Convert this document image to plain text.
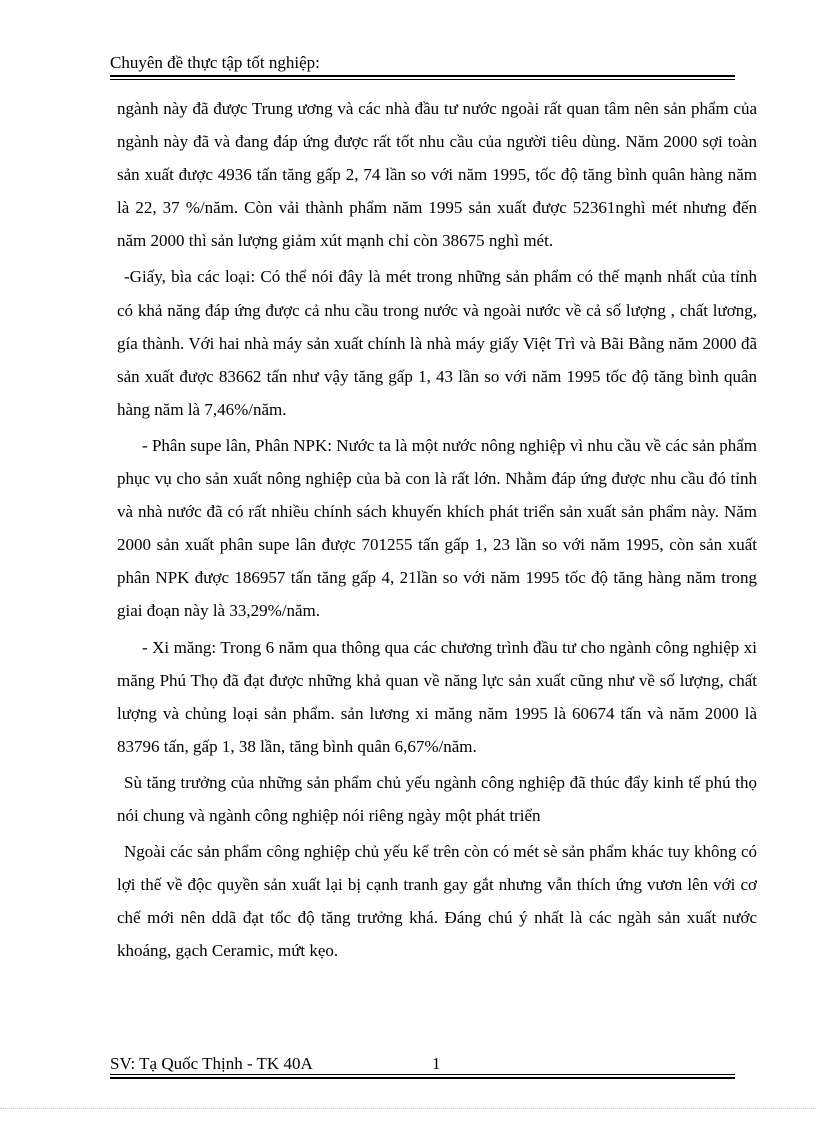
Chuyên đề thực tập tốt nghiệp:

ngành này đã được Trung ương và các nhà đầu tư nước ngoài rất quan tâm nên sản phẩm của ngành này đã và đang đáp ứng được rất tốt nhu cầu của người tiêu dùng. Năm 2000 sợi toàn sản xuất được 4936 tấn tăng gấp 2, 74 lần so với năm 1995, tốc độ tăng bình quân hàng năm là 22, 37 %/năm. Còn vải thành phẩm năm 1995 sản xuất được 52361nghì mét nhưng đến năm 2000 thì sản lượng giảm xút mạnh chỉ còn 38675 nghì mét.

-Giấy, bìa các loại: Có thể nói đây là mét trong những sản phẩm có thế mạnh nhất của tỉnh có khả năng đáp ứng được cả nhu cầu trong nước và ngoài nước về cả số lượng , chất lương, gía thành. Với hai nhà máy sản xuất chính là nhà máy giấy Việt Trì và Bãi Bằng năm 2000 đã sản xuất được 83662 tấn như vậy tăng gấp 1, 43 lần so với năm 1995 tốc độ tăng bình quân hàng năm là 7,46%/năm.

- Phân supe lân, Phân NPK: Nước ta là một nước nông nghiệp vì nhu cầu về các sản phẩm phục vụ cho sản xuất nông nghiệp của bà con là rất lớn. Nhằm đáp ứng được nhu cầu đó tỉnh và nhà nước đã có rất nhiều chính sách khuyến khích phát triển sản xuất sản phẩm này. Năm 2000 sản xuất phân supe lân được 701255 tấn gấp 1, 23 lần so với năm 1995, còn sản xuất phân NPK được 186957 tấn tăng gấp 4, 21lần so với năm 1995 tốc độ tăng hàng năm trong giai đoạn này là 33,29%/năm.

- Xi măng: Trong 6 năm qua thông qua các chương trình đầu tư cho ngành công nghiệp xi măng Phú Thọ đã đạt được những khả quan về năng lực sản xuất cũng như về số lượng, chất lượng và chủng loại sản phẩm. sản lương xi măng năm 1995 là 60674 tấn và năm 2000 là 83796 tấn, gấp 1, 38 lần, tăng bình quân 6,67%/năm.

Sù tăng trưởng của những sản phẩm chủ yếu ngành công nghiệp đã thúc đẩy kinh tế phú thọ nói chung và ngành công nghiệp nói riêng ngày một phát triển

Ngoài các sản phẩm công nghiệp chủ yếu kể trên còn có mét sè sản phẩm khác tuy không có lợi thế về độc quyền sản xuất lại bị cạnh tranh gay gắt nhưng vẫn thích ứng vươn lên với cơ chế mới nên ddã đạt tốc độ tăng trưởng khá. Đáng chú ý nhất là các ngàh sản xuất nước khoáng, gạch Ceramic, mứt kẹo.

SV: Tạ Quốc Thịnh - TK 40A	1
